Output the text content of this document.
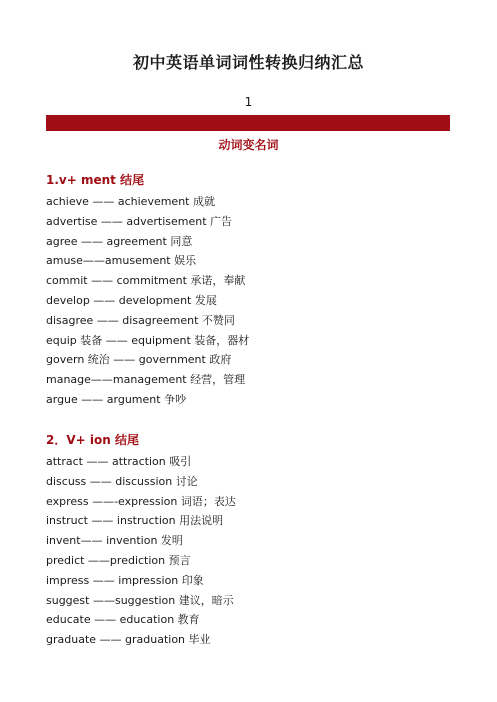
初中英语单词词性转换归纳汇总
1
动词变名词
1.v+ ment 结尾
achieve —— achievement 成就
advertise —— advertisement 广告
agree —— agreement 同意
amuse——amusement 娱乐
commit —— commitment 承诺，奉献
develop —— development 发展
disagree —— disagreement 不赞同
equip 装备 —— equipment 装备，器材
govern 统治 —— government 政府
manage——management 经营，管理
argue —— argument 争吵
2．V+ ion 结尾
attract —— attraction 吸引
discuss —— discussion 讨论
express ——-expression 词语；表达
instruct —— instruction 用法说明
invent—— invention 发明
predict ——prediction 预言
impress —— impression 印象
suggest ——suggestion 建议，暗示
educate —— education 教育
graduate —— graduation 毕业
